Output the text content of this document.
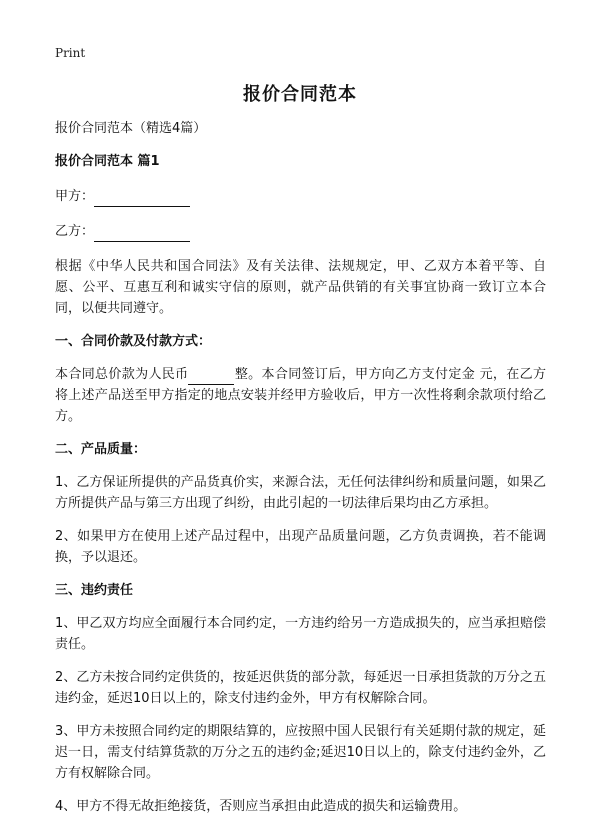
Print
报价合同范本

报价合同范本（精选4篇）

报价合同范本 篇1

甲方：

乙方：

根据《中华人民共和国合同法》及有关法律、法规规定，甲、乙双方本着平等、自愿、公平、互惠互利和诚实守信的原则，就产品供销的有关事宜协商一致订立本合同，以便共同遵守。

一、合同价款及付款方式：

本合同总价款为人民币	整。本合同签订后，甲方向乙方支付定金 元，在乙方将上述产品送至甲方指定的地点安装并经甲方验收后，甲方一次性将剩余款项付给乙方。

二、产品质量：

1、乙方保证所提供的产品货真价实，来源合法，无任何法律纠纷和质量问题，如果乙方所提供产品与第三方出现了纠纷，由此引起的一切法律后果均由乙方承担。

2、如果甲方在使用上述产品过程中，出现产品质量问题，乙方负责调换，若不能调换，予以退还。

三、违约责任

1、甲乙双方均应全面履行本合同约定，一方违约给另一方造成损失的，应当承担赔偿责任。

2、乙方未按合同约定供货的，按延迟供货的部分款，每延迟一日承担货款的万分之五违约金，延迟10日以上的，除支付违约金外，甲方有权解除合同。

3、甲方未按照合同约定的期限结算的，应按照中国人民银行有关延期付款的规定，延迟一日，需支付结算货款的万分之五的违约金;延迟10日以上的，除支付违约金外，乙方有权解除合同。

4、甲方不得无故拒绝接货，否则应当承担由此造成的损失和运输费用。
